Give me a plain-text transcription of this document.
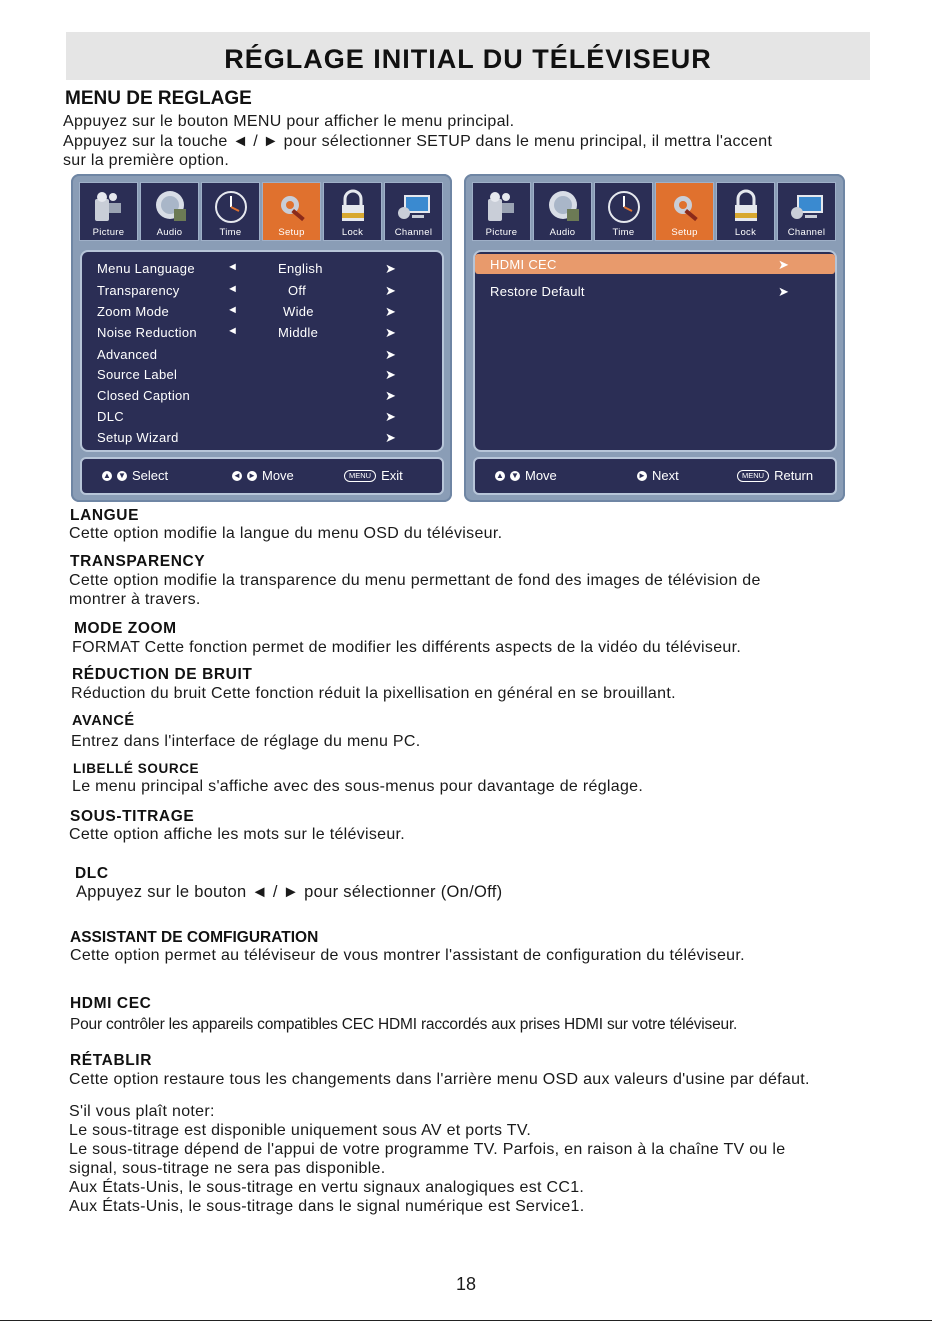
RÉGLAGE INITIAL DU TÉLÉVISEUR
MENU DE REGLAGE
Appuyez sur le bouton MENU pour afficher le menu principal.
Appuyez sur la touche ◄ / ► pour sélectionner SETUP dans le menu principal, il mettra l'accent
sur la première option.
Picture	Audio	Time	Setup	Lock	Channel
Menu Language	◄	English	➤
Transparency	◄	Off	➤
Zoom Mode	◄	Wide	➤
Noise Reduction	◄	Middle	➤
Advanced	➤
Source Label	➤
Closed Caption	➤
DLC	➤
Setup Wizard	➤
▲ ▼ Select	◄ ► Move	MENU Exit
Picture	Audio	Time	Setup	Lock	Channel
HDMI CEC	➤
Restore Default	➤
▲ ▼ Move	► Next	MENU Return
LANGUE
Cette option modifie la langue du menu OSD du téléviseur.
TRANSPARENCY
Cette option modifie la transparence du menu permettant de fond des images de télévision de
montrer à travers.
MODE ZOOM
FORMAT Cette fonction permet de modifier les différents aspects de la vidéo du téléviseur.
RÉDUCTION DE BRUIT
Réduction du bruit Cette fonction réduit la pixellisation en général en se brouillant.
AVANCÉ
Entrez dans l'interface de réglage du menu PC.
LIBELLÉ SOURCE
Le menu principal s'affiche avec des sous-menus pour davantage de réglage.
SOUS-TITRAGE
Cette option affiche les mots sur le téléviseur.
DLC
Appuyez sur le bouton ◄ / ► pour sélectionner (On/Off)
ASSISTANT DE COMFIGURATION
Cette option permet au téléviseur de vous montrer l'assistant de configuration du téléviseur.
HDMI CEC
Pour contrôler les appareils compatibles CEC HDMI raccordés aux prises HDMI sur votre téléviseur.
RÉTABLIR
Cette option restaure tous les changements dans l'arrière menu OSD aux valeurs d'usine par défaut.
S'il vous plaît noter:
Le sous-titrage est disponible uniquement sous AV et ports TV.
Le sous-titrage dépend de l'appui de votre programme TV. Parfois, en raison à la chaîne TV ou le
signal, sous-titrage ne sera pas disponible.
Aux États-Unis, le sous-titrage en vertu signaux analogiques est CC1.
Aux États-Unis, le sous-titrage dans le signal numérique est Service1.
18
